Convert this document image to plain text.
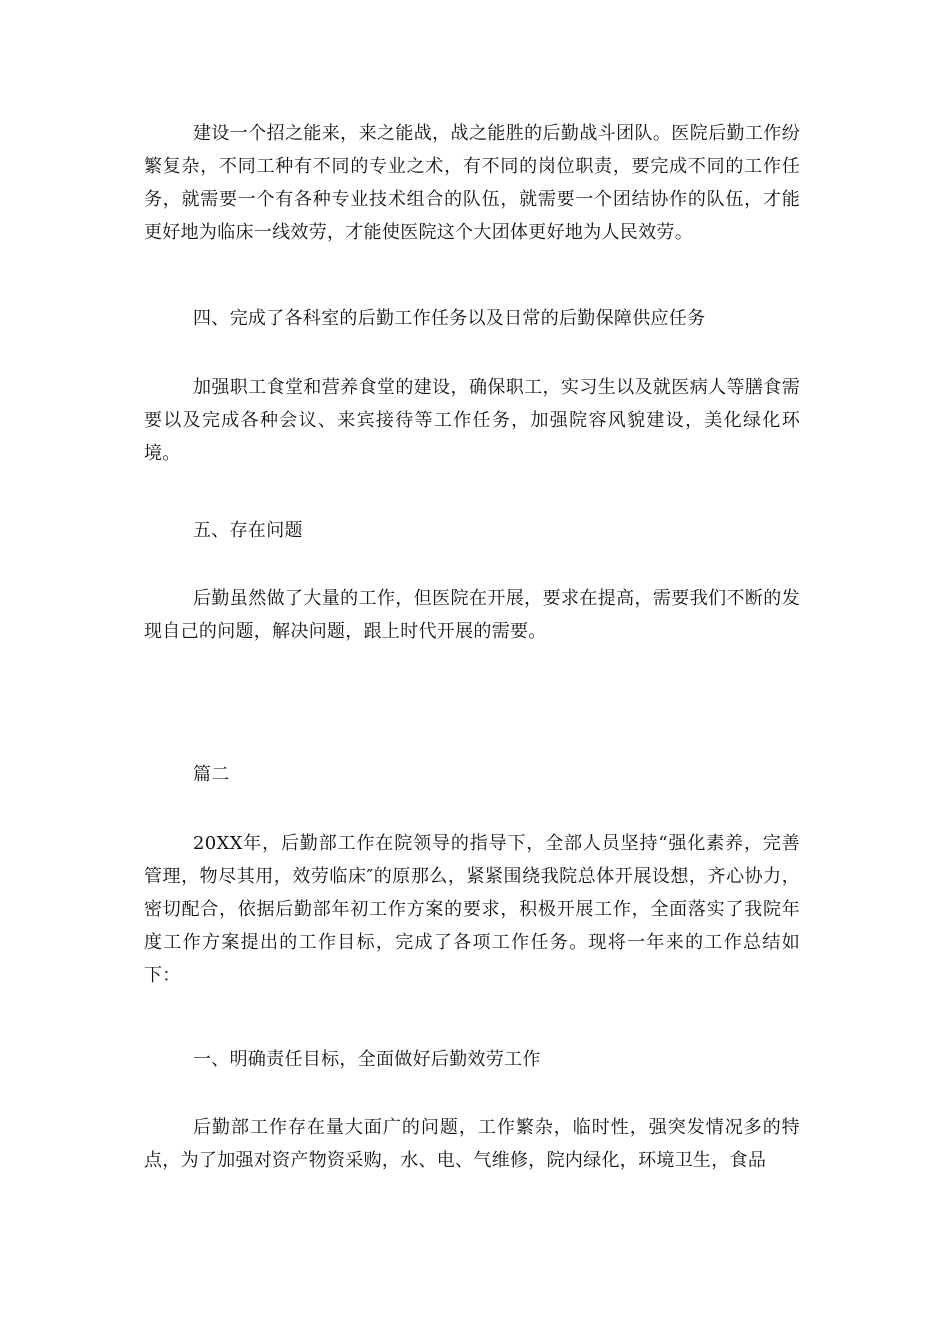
建设一个招之能来，来之能战，战之能胜的后勤战斗团队。医院后勤工作纷繁复杂，不同工种有不同的专业之术，有不同的岗位职责，要完成不同的工作任务，就需要一个有各种专业技术组合的队伍，就需要一个团结协作的队伍，才能更好地为临床一线效劳，才能使医院这个大团体更好地为人民效劳。

四、完成了各科室的后勤工作任务以及日常的后勤保障供应任务

加强职工食堂和营养食堂的建设，确保职工，实习生以及就医病人等膳食需要以及完成各种会议、来宾接待等工作任务，加强院容风貌建设，美化绿化环境。

五、存在问题

后勤虽然做了大量的工作，但医院在开展，要求在提高，需要我们不断的发现自己的问题，解决问题，跟上时代开展的需要。

篇二

20XX年，后勤部工作在院领导的指导下，全部人员坚持“强化素养，完善管理，物尽其用，效劳临床″的原那么，紧紧围绕我院总体开展设想，齐心协力，密切配合，依据后勤部年初工作方案的要求，积极开展工作，全面落实了我院年度工作方案提出的工作目标，完成了各项工作任务。现将一年来的工作总结如下：

一、明确责任目标，全面做好后勤效劳工作

后勤部工作存在量大面广的问题，工作繁杂，临时性，强突发情况多的特点，为了加强对资产物资采购，水、电、气维修，院内绿化，环境卫生，食品
